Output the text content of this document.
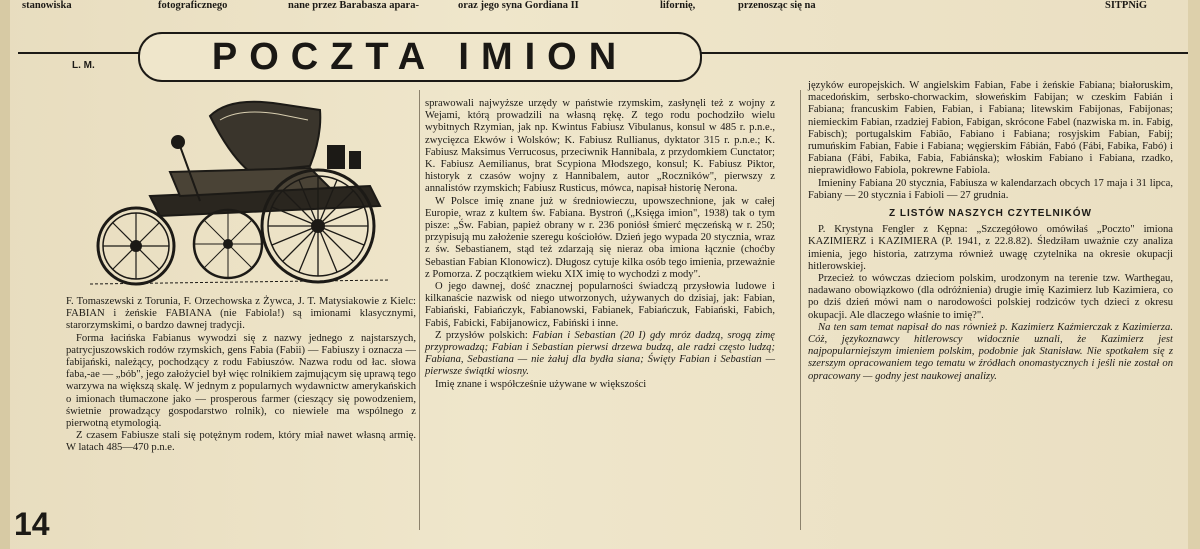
stanowiska	fotograficznego	nane przez Barabasza apara-	oraz jego syna Gordiana II	lifornię,	przenosząc się na	SITPNiG
POCZTA IMION
L. M.

F. Tomaszewski z Torunia, F. Orzechowska z Żywca, J. T. Matysiakowie z Kielc: FABIAN i żeńskie FABIANA (nie Fabiola!) są imionami klasycznymi, starorzymskimi, o bardzo dawnej tradycji.

Forma łacińska Fabianus wywodzi się z nazwy jednego z najstarszych, patrycjuszowskich rodów rzymskich, gens Fabia (Fabii) — Fabiuszy i oznacza — fabijański, należący, pochodzący z rodu Fabiuszów. Nazwa rodu od łac. słowa faba,-ae — „bób", jego założyciel był więc rolnikiem zajmującym się uprawą tego warzywa na większą skalę. W jednym z popularnych wydawnictw amerykańskich o imionach tłumaczone jako — prosperous farmer (cieszący się powodzeniem, świetnie prowadzący gospodarstwo rolnik), co niewiele ma wspólnego z pierwotną etymologią.

Z czasem Fabiusze stali się potężnym rodem, który miał nawet własną armię. W latach 485—470 p.n.e.

sprawowali najwyższe urzędy w państwie rzymskim, zasłynęli też z wojny z Wejami, którą prowadzili na własną rękę. Z tego rodu pochodziło wielu wybitnych Rzymian, jak np. Kwintus Fabiusz Vibulanus, konsul w 485 r. p.n.e., zwycięzca Ekwów i Wolsków; K. Fabiusz Rullianus, dyktator 315 r. p.n.e.; K. Fabiusz Maksimus Verrucosus, przeciwnik Hannibala, z przydomkiem Cunctator; K. Fabiusz Aemilianus, brat Scypiona Młodszego, konsul; K. Fabiusz Piktor, historyk z czasów wojny z Hannibalem, autor „Roczników", pierwszy z annalistów rzymskich; Fabiusz Rusticus, mówca, napisał historię Nerona.

W Polsce imię znane już w średniowieczu, upowszechnione, jak w całej Europie, wraz z kultem św. Fabiana. Bystroń („Księga imion", 1938) tak o tym pisze: „Św. Fabian, papież obrany w r. 236 poniósł śmierć męczeńską w r. 250; przypisują mu założenie szeregu kościołów. Dzień jego wypada 20 stycznia, wraz z św. Sebastianem, stąd też zdarzają się nieraz oba imiona łącznie (choćby Sebastian Fabian Klonowicz). Długosz cytuje kilka osób tego imienia, przeważnie z Pomorza. Z początkiem wieku XIX imię to wychodzi z mody".

O jego dawnej, dość znacznej popularności świadczą przysłowia ludowe i kilkanaście nazwisk od niego utworzonych, używanych do dzisiaj, jak: Fabian, Fabiański, Fabiańczyk, Fabianowski, Fabianek, Fabiańczuk, Fabiański, Fabich, Fabiś, Fabicki, Fabijanowicz, Fabiński i inne.

Z przysłów polskich: Fabian i Sebastian (20 I) gdy mróz dadzą, srogą zimę przyprowadzą; Fabian i Sebastian pierwsi drzewa budzą, ale radzi często ludzą; Fabiana, Sebastiana — nie żałuj dla bydła siana; Święty Fabian i Sebastian — pierwsze świątki wiosny.

Imię znane i współcześnie używane w większości

języków europejskich. W angielskim Fabian, Fabe i żeńskie Fabiana; białoruskim, macedońskim, serbsko-chorwackim, słoweńskim Fabijan; w czeskim Fabián i Fabiana; francuskim Fabien, Fabian, i Fabiana; litewskim Fabijonas, Fabijonas; niemieckim Fabian, rzadziej Fabion, Fabigan, skrócone Fabel (nazwiska m. in. Fabig, Fabisch); portugalskim Fabião, Fabiano i Fabiana; rosyjskim Fabian, Fabij; rumuńskim Fabian, Fabie i Fabiana; węgierskim Fábián, Fabó (Fábi, Fabika, Fabó) i Fabiana (Fábi, Fabika, Fabia, Fabiánska); włoskim Fabiano i Fabiana, rzadko, nieprawidłowo Fabiola, pokrewne Fabiola.

Imieniny Fabiana 20 stycznia, Fabiusza w kalendarzach obcych 17 maja i 31 lipca, Fabiany — 20 stycznia i Fabioli — 27 grudnia.

Z LISTÓW NASZYCH CZYTELNIKÓW

P. Krystyna Fengler z Kępna: „Szczegółowo omówiłaś „Poczto" imiona KAZIMIERZ i KAZIMIERA (P. 1941, z 22.8.82). Śledziłam uważnie czy analiza imienia, jego historia, zatrzyma również uwagę czytelnika na okresie okupacji hitlerowskiej.

Przecież to wówczas dzieciom polskim, urodzonym na terenie tzw. Warthegau, nadawano obowiązkowo (dla odróżnienia) drugie imię Kazimierz lub Kazimiera, co po dziś dzień mówi nam o narodowości polskiej rodziców tych dzieci z okresu okupacji. Ale dlaczego właśnie to imię?".

Na ten sam temat napisał do nas również p. Kazimierz Kaźmierczak z Kazimierza. Cóż, językoznawcy hitlerowscy widocznie uznali, że Kazimierz jest najpopularniejszym imieniem polskim, podobnie jak Stanisław. Nie spotkałem się z szerszym opracowaniem tego tematu w źródłach onomastycznych i jeśli nie został on opracowany — godny jest naukowej analizy.

14
